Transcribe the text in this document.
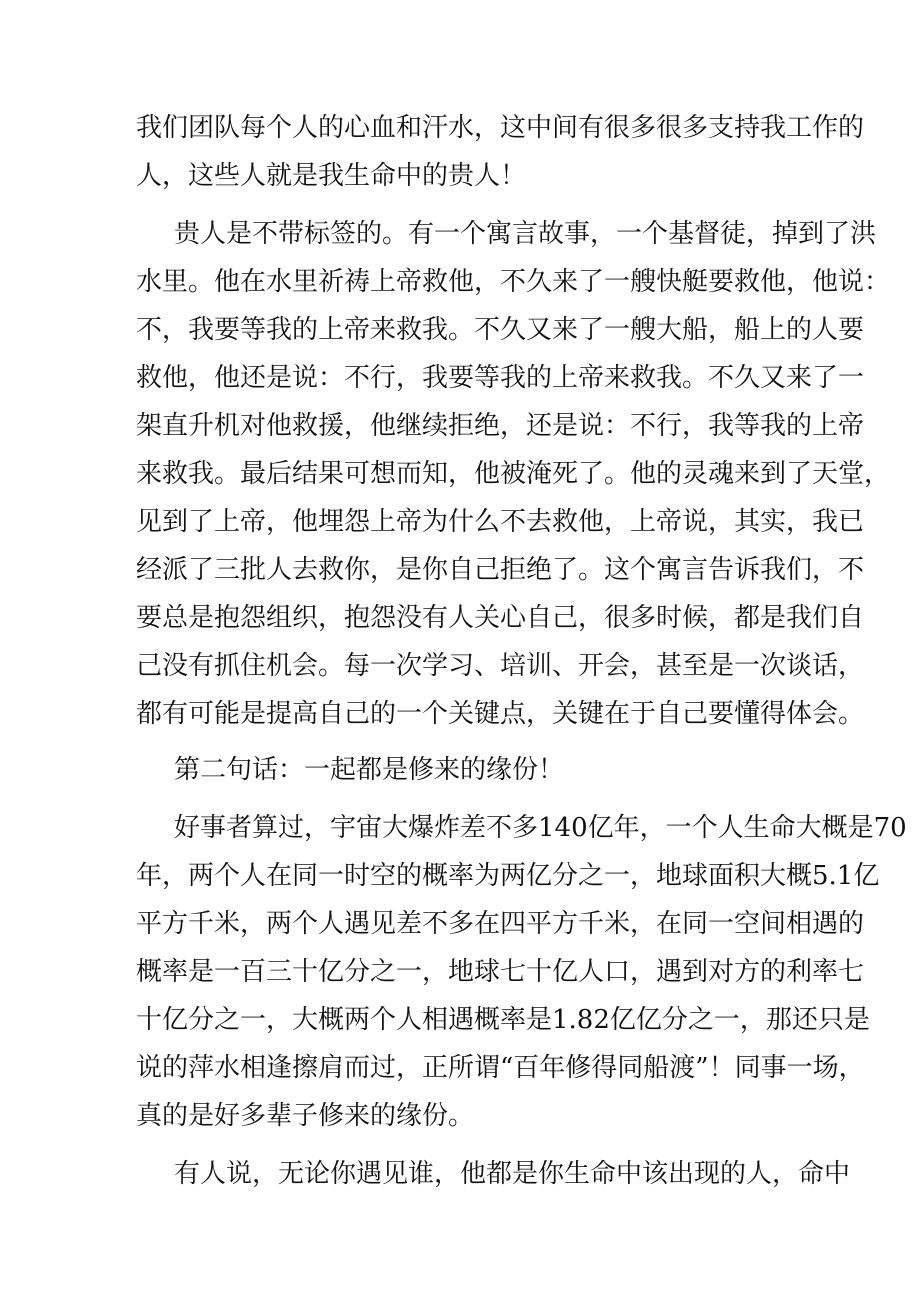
我们团队每个人的心血和汗水，这中间有很多很多支持我工作的
人，这些人就是我生命中的贵人！
贵人是不带标签的。有一个寓言故事，一个基督徒，掉到了洪
水里。他在水里祈祷上帝救他，不久来了一艘快艇要救他，他说：
不，我要等我的上帝来救我。不久又来了一艘大船，船上的人要
救他，他还是说：不行，我要等我的上帝来救我。不久又来了一
架直升机对他救援，他继续拒绝，还是说：不行，我等我的上帝
来救我。最后结果可想而知，他被淹死了。他的灵魂来到了天堂，
见到了上帝，他埋怨上帝为什么不去救他，上帝说，其实，我已
经派了三批人去救你，是你自己拒绝了。这个寓言告诉我们，不
要总是抱怨组织，抱怨没有人关心自己，很多时候，都是我们自
己没有抓住机会。每一次学习、培训、开会，甚至是一次谈话，
都有可能是提高自己的一个关键点，关键在于自己要懂得体会。
第二句话：一起都是修来的缘份！
好事者算过，宇宙大爆炸差不多140亿年，一个人生命大概是70
年，两个人在同一时空的概率为两亿分之一，地球面积大概5.1亿
平方千米，两个人遇见差不多在四平方千米，在同一空间相遇的
概率是一百三十亿分之一，地球七十亿人口，遇到对方的利率七
十亿分之一，大概两个人相遇概率是1.82亿亿分之一，那还只是
说的萍水相逢擦肩而过，正所谓“百年修得同船渡”！同事一场，
真的是好多辈子修来的缘份。
有人说，无论你遇见谁，他都是你生命中该出现的人，命中
